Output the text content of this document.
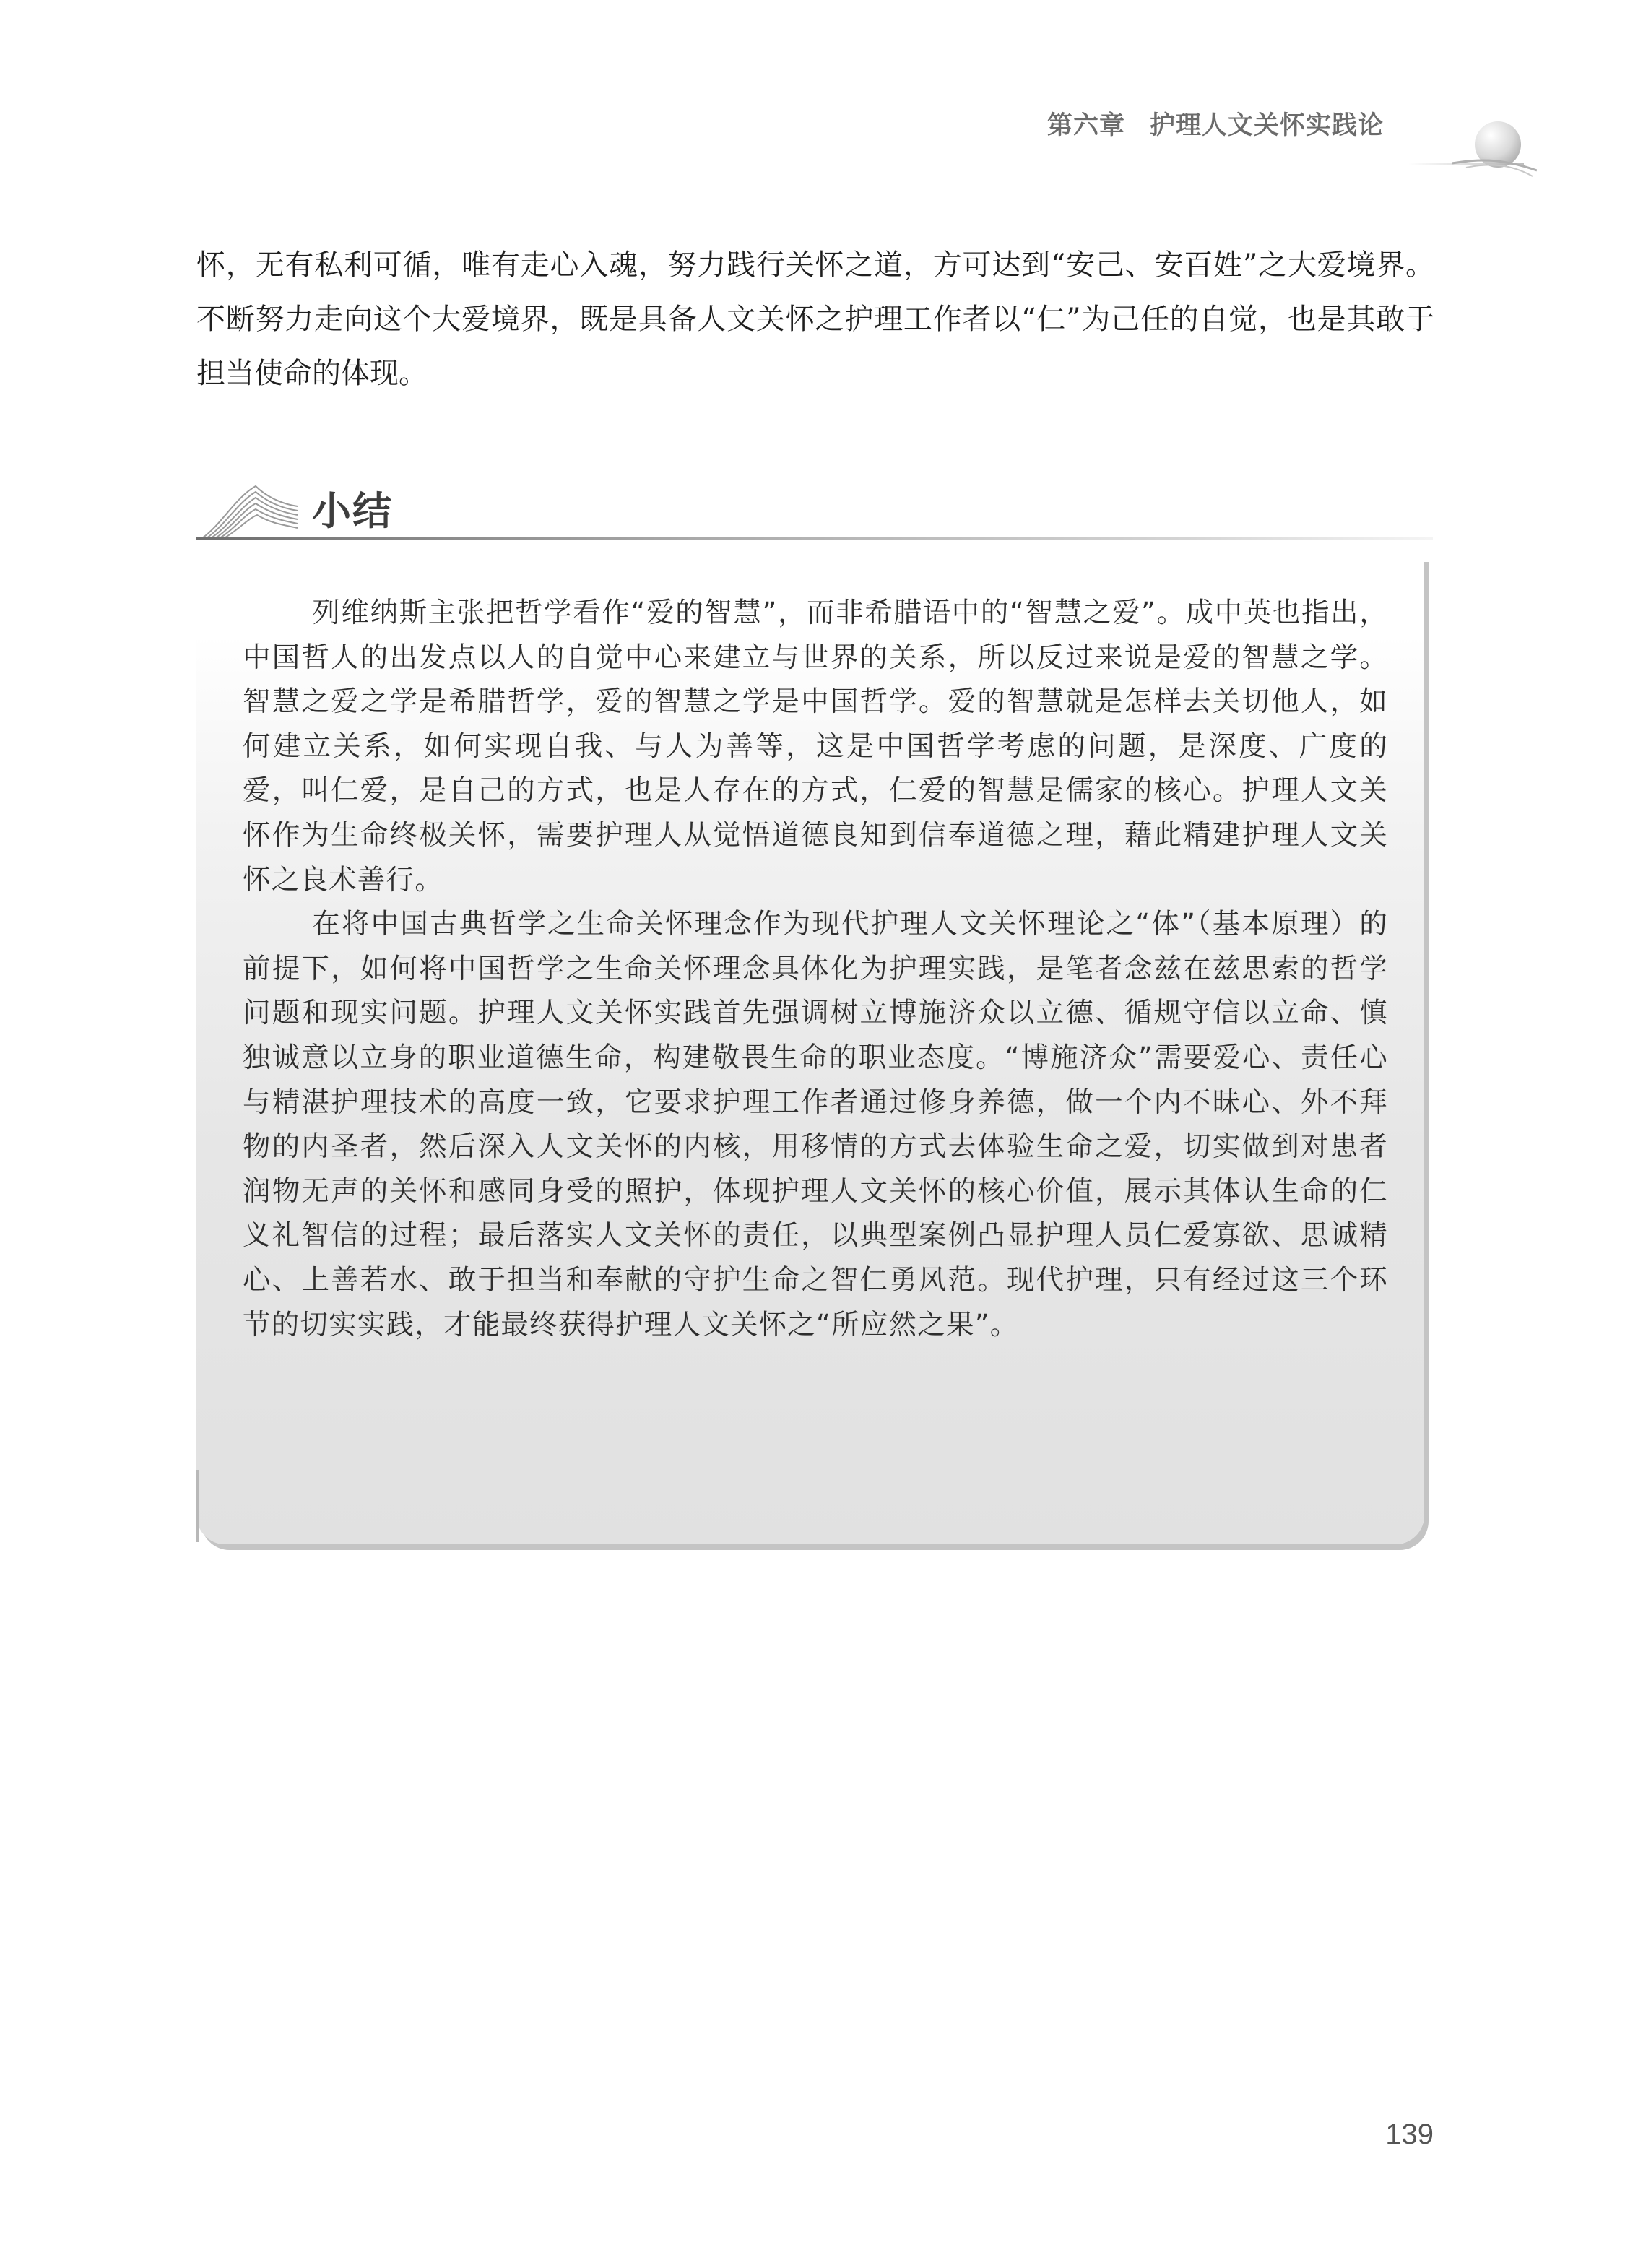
第六章 护理人文关怀实践论

怀，无有私利可循，唯有走心入魂，努力践行关怀之道，方可达到“安己、安百姓”之大爱境界。不断努力走向这个大爱境界，既是具备人文关怀之护理工作者以“仁”为己任的自觉，也是其敢于担当使命的体现。

小结

列维纳斯主张把哲学看作“爱的智慧”，而非希腊语中的“智慧之爱”。成中英也指出，中国哲人的出发点以人的自觉中心来建立与世界的关系，所以反过来说是爱的智慧之学。智慧之爱之学是希腊哲学，爱的智慧之学是中国哲学。爱的智慧就是怎样去关切他人，如何建立关系，如何实现自我、与人为善等，这是中国哲学考虑的问题，是深度、广度的爱，叫仁爱，是自己的方式，也是人存在的方式，仁爱的智慧是儒家的核心。护理人文关怀作为生命终极关怀，需要护理人从觉悟道德良知到信奉道德之理，藉此精建护理人文关怀之良术善行。

在将中国古典哲学之生命关怀理念作为现代护理人文关怀理论之“体”（基本原理）的前提下，如何将中国哲学之生命关怀理念具体化为护理实践，是笔者念兹在兹思索的哲学问题和现实问题。护理人文关怀实践首先强调树立博施济众以立德、循规守信以立命、慎独诚意以立身的职业道德生命，构建敬畏生命的职业态度。“博施济众”需要爱心、责任心与精湛护理技术的高度一致，它要求护理工作者通过修身养德，做一个内不昧心、外不拜物的内圣者，然后深入人文关怀的内核，用移情的方式去体验生命之爱，切实做到对患者润物无声的关怀和感同身受的照护，体现护理人文关怀的核心价值，展示其体认生命的仁义礼智信的过程；最后落实人文关怀的责任，以典型案例凸显护理人员仁爱寡欲、思诚精心、上善若水、敢于担当和奉献的守护生命之智仁勇风范。现代护理，只有经过这三个环节的切实实践，才能最终获得护理人文关怀之“所应然之果”。

139
